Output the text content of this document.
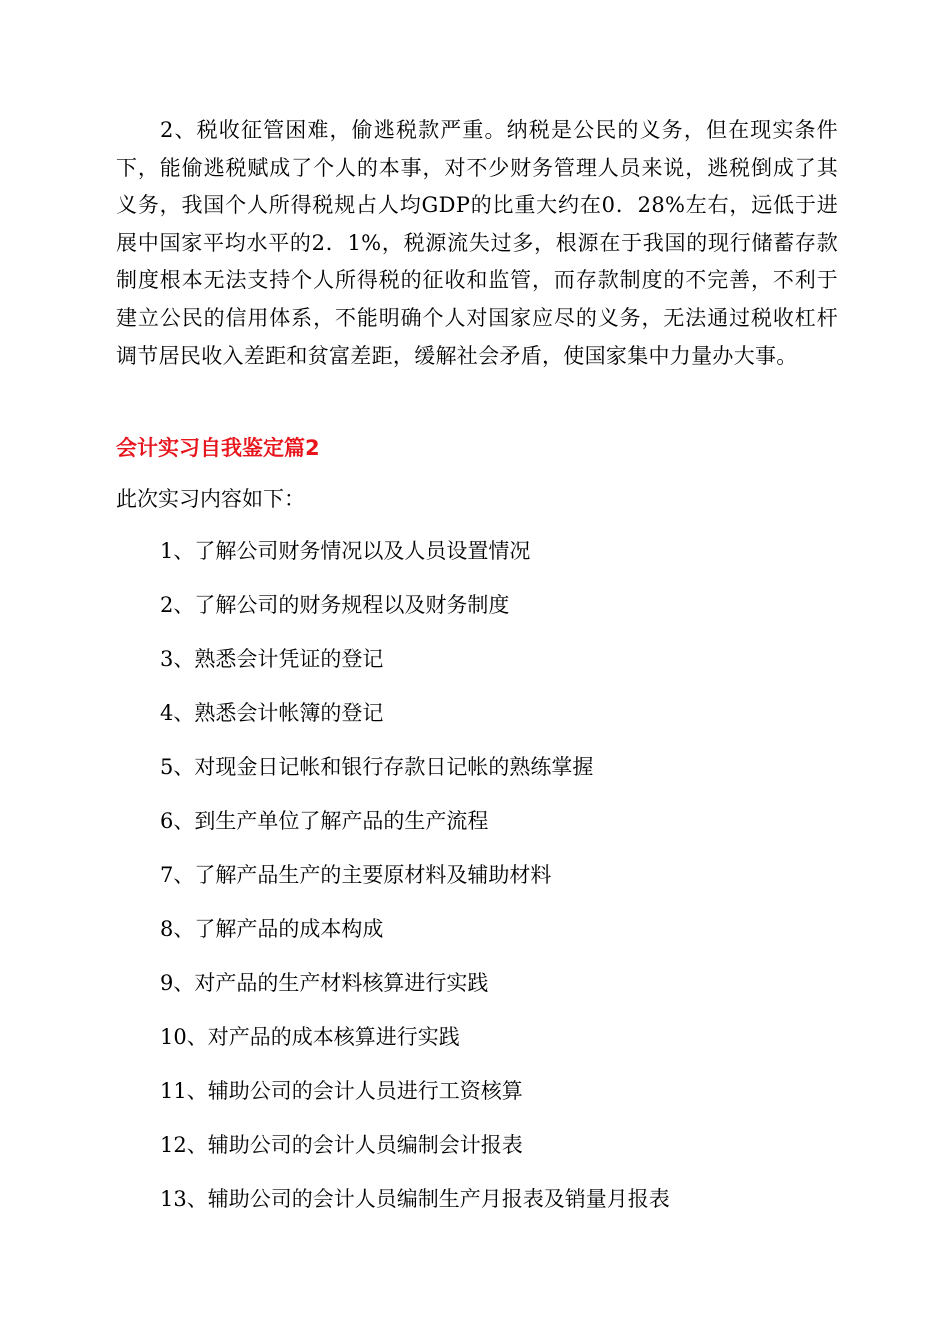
2、税收征管困难，偷逃税款严重。纳税是公民的义务，但在现实条件下，能偷逃税赋成了个人的本事，对不少财务管理人员来说，逃税倒成了其义务，我国个人所得税规占人均GDP的比重大约在0．28%左右，远低于进展中国家平均水平的2．1%，税源流失过多，根源在于我国的现行储蓄存款制度根本无法支持个人所得税的征收和监管，而存款制度的不完善，不利于建立公民的信用体系，不能明确个人对国家应尽的义务，无法通过税收杠杆调节居民收入差距和贫富差距，缓解社会矛盾，使国家集中力量办大事。

会计实习自我鉴定篇2

此次实习内容如下：

1、了解公司财务情况以及人员设置情况
2、了解公司的财务规程以及财务制度
3、熟悉会计凭证的登记
4、熟悉会计帐簿的登记
5、对现金日记帐和银行存款日记帐的熟练掌握
6、到生产单位了解产品的生产流程
7、了解产品生产的主要原材料及辅助材料
8、了解产品的成本构成
9、对产品的生产材料核算进行实践
10、对产品的成本核算进行实践
11、辅助公司的会计人员进行工资核算
12、辅助公司的会计人员编制会计报表
13、辅助公司的会计人员编制生产月报表及销量月报表
